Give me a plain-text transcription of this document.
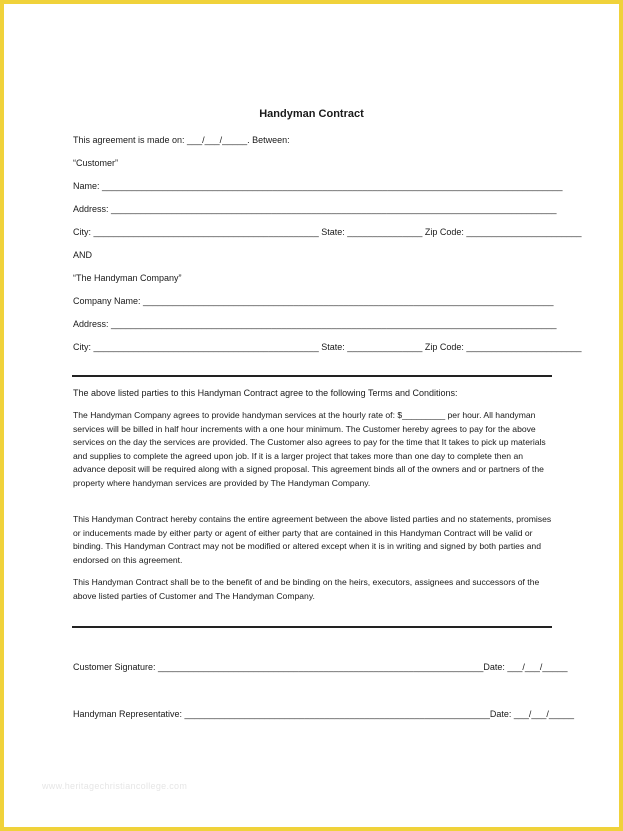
Handyman Contract
This agreement is made on: ___/___/_____. Between:
“Customer”
Name: ____________________________________________________________________________________________
Address: _________________________________________________________________________________________
City: _____________________________________________ State: _______________ Zip Code: _______________________
AND
“The Handyman Company”
Company Name: __________________________________________________________________________________
Address: _________________________________________________________________________________________
City: _____________________________________________ State: _______________ Zip Code: _______________________
The above listed parties to this Handyman Contract agree to the following Terms and Conditions:

The Handyman Company agrees to provide handyman services at the hourly rate of: $_________ per hour. All handyman services will be billed in half hour increments with a one hour minimum. The Customer hereby agrees to pay for the above services on the day the services are provided. The Customer also agrees to pay for the time that It takes to pick up materials and supplies to complete the agreed upon job. If it is a larger project that takes more than one day to complete then an advance deposit will be required along with a signed proposal. This agreement binds all of the owners and or partners of the property where handyman services are provided by The Handyman Company.

This Handyman Contract hereby contains the entire agreement between the above listed parties and no statements, promises or inducements made by either party or agent of either party that are contained in this Handyman Contract will be valid or binding. This Handyman Contract may not be modified or altered except when it is in writing and signed by both parties and endorsed on this agreement.

This Handyman Contract shall be to the benefit of and be binding on the heirs, executors, assignees and successors of the above listed parties of Customer and The Handyman Company.

Customer Signature: _________________________________________________________________Date: ___/___/_____
Handyman Representative: _____________________________________________________________Date: ___/___/_____
www.heritagechristiancollege.com
